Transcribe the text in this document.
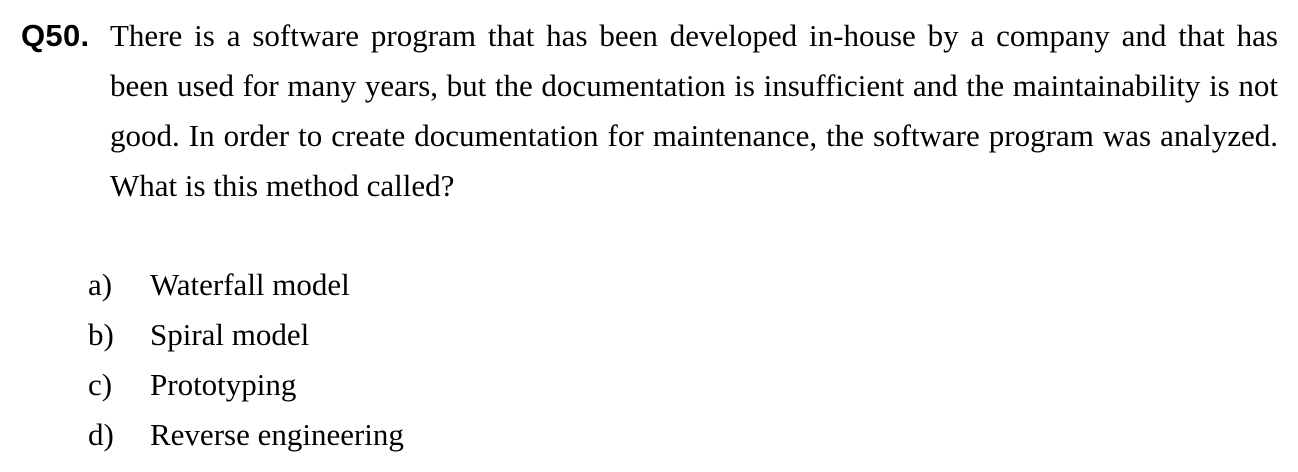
Q50. There is a software program that has been developed in-house by a company and that has been used for many years, but the documentation is insufficient and the maintainability is not good. In order to create documentation for maintenance, the software program was analyzed. What is this method called?

a) Waterfall model
b) Spiral model
c) Prototyping
d) Reverse engineering
